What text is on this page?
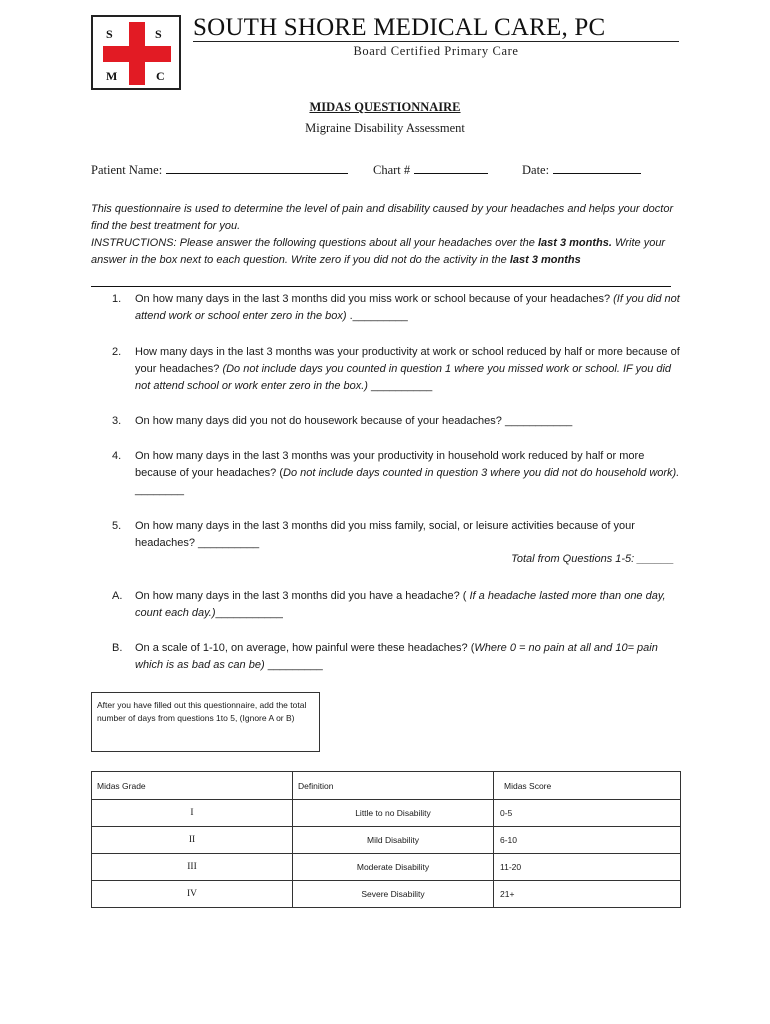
S	S
M	C
SOUTH SHORE MEDICAL CARE, PC
Board Certified Primary Care
MIDAS QUESTIONNAIRE
Migraine Disability Assessment
Patient Name:	Chart #	Date:

This questionnaire is used to determine the level of pain and disability caused by your headaches and helps your doctor find the best treatment for you.

INSTRUCTIONS: Please answer the following questions about all your headaches over the last 3 months. Write your answer in the box next to each question. Write zero if you did not do the activity in the last 3 months

1. On how many days in the last 3 months did you miss work or school because of your headaches? (If you did not attend work or school enter zero in the box) ._________
2. How many days in the last 3 months was your productivity at work or school reduced by half or more because of your headaches? (Do not include days you counted in question 1 where you missed work or school. IF you did not attend school or work enter zero in the box.) __________
3. On how many days did you not do housework because of your headaches? ___________
4. On how many days in the last 3 months was your productivity in household work reduced by half or more because of your headaches? (Do not include days counted in question 3 where you did not do household work). ________
5. On how many days in the last 3 months did you miss family, social, or leisure activities because of your headaches? __________
Total from Questions 1-5: ______
A. On how many days in the last 3 months did you have a headache? ( If a headache lasted more than one day, count each day.)___________
B. On a scale of 1-10, on average, how painful were these headaches? (Where 0 = no pain at all and 10= pain which is as bad as can be) _________
After you have filled out this questionnaire, add the total number of days from questions 1to 5, (Ignore A or B)
Midas Grade	Definition	Midas Score
I	Little to no Disability	0-5
II	Mild Disability	6-10
III	Moderate Disability	11-20
IV	Severe Disability	21+
